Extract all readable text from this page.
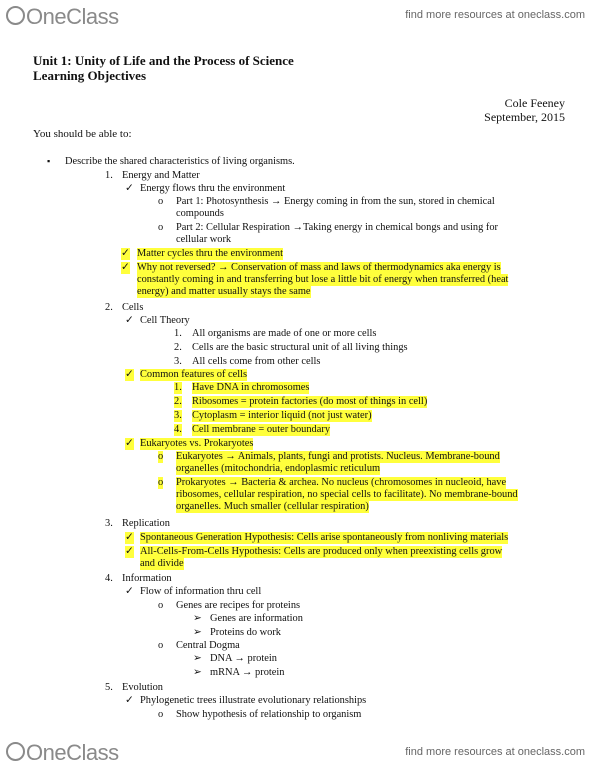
OneClass	find more resources at oneclass.com
Unit 1: Unity of Life and the Process of Science
Learning Objectives
Cole Feeney
September, 2015
You should be able to:
▪ Describe the shared characteristics of living organisms.
1. Energy and Matter
✓ Energy flows thru the environment
o Part 1: Photosynthesis → Energy coming in from the sun, stored in chemical
compounds
o Part 2: Cellular Respiration →Taking energy in chemical bongs and using for
cellular work
✓ Matter cycles thru the environment
✓ Why not reversed? → Conservation of mass and laws of thermodynamics aka energy is
constantly coming in and transferring but lose a little bit of energy when transferred (heat
energy) and matter usually stays the same
2. Cells
✓ Cell Theory
1. All organisms are made of one or more cells
2. Cells are the basic structural unit of all living things
3. All cells come from other cells
✓ Common features of cells
1. Have DNA in chromosomes
2. Ribosomes = protein factories (do most of things in cell)
3. Cytoplasm = interior liquid (not just water)
4. Cell membrane = outer boundary
✓ Eukaryotes vs. Prokaryotes
o Eukaryotes → Animals, plants, fungi and protists. Nucleus. Membrane-bound
organelles (mitochondria, endoplasmic reticulum
o Prokaryotes → Bacteria & archea. No nucleus (chromosomes in nucleoid, have
ribosomes, cellular respiration, no special cells to facilitate). No membrane-bound
organelles. Much smaller (cellular respiration)
3. Replication
✓ Spontaneous Generation Hypothesis: Cells arise spontaneously from nonliving materials
✓ All-Cells-From-Cells Hypothesis: Cells are produced only when preexisting cells grow
and divide
4. Information
✓ Flow of information thru cell
o Genes are recipes for proteins
➢ Genes are information
➢ Proteins do work
o Central Dogma
➢ DNA → protein
➢ mRNA → protein
5. Evolution
✓ Phylogenetic trees illustrate evolutionary relationships
o Show hypothesis of relationship to organism
OneClass	find more resources at oneclass.com
